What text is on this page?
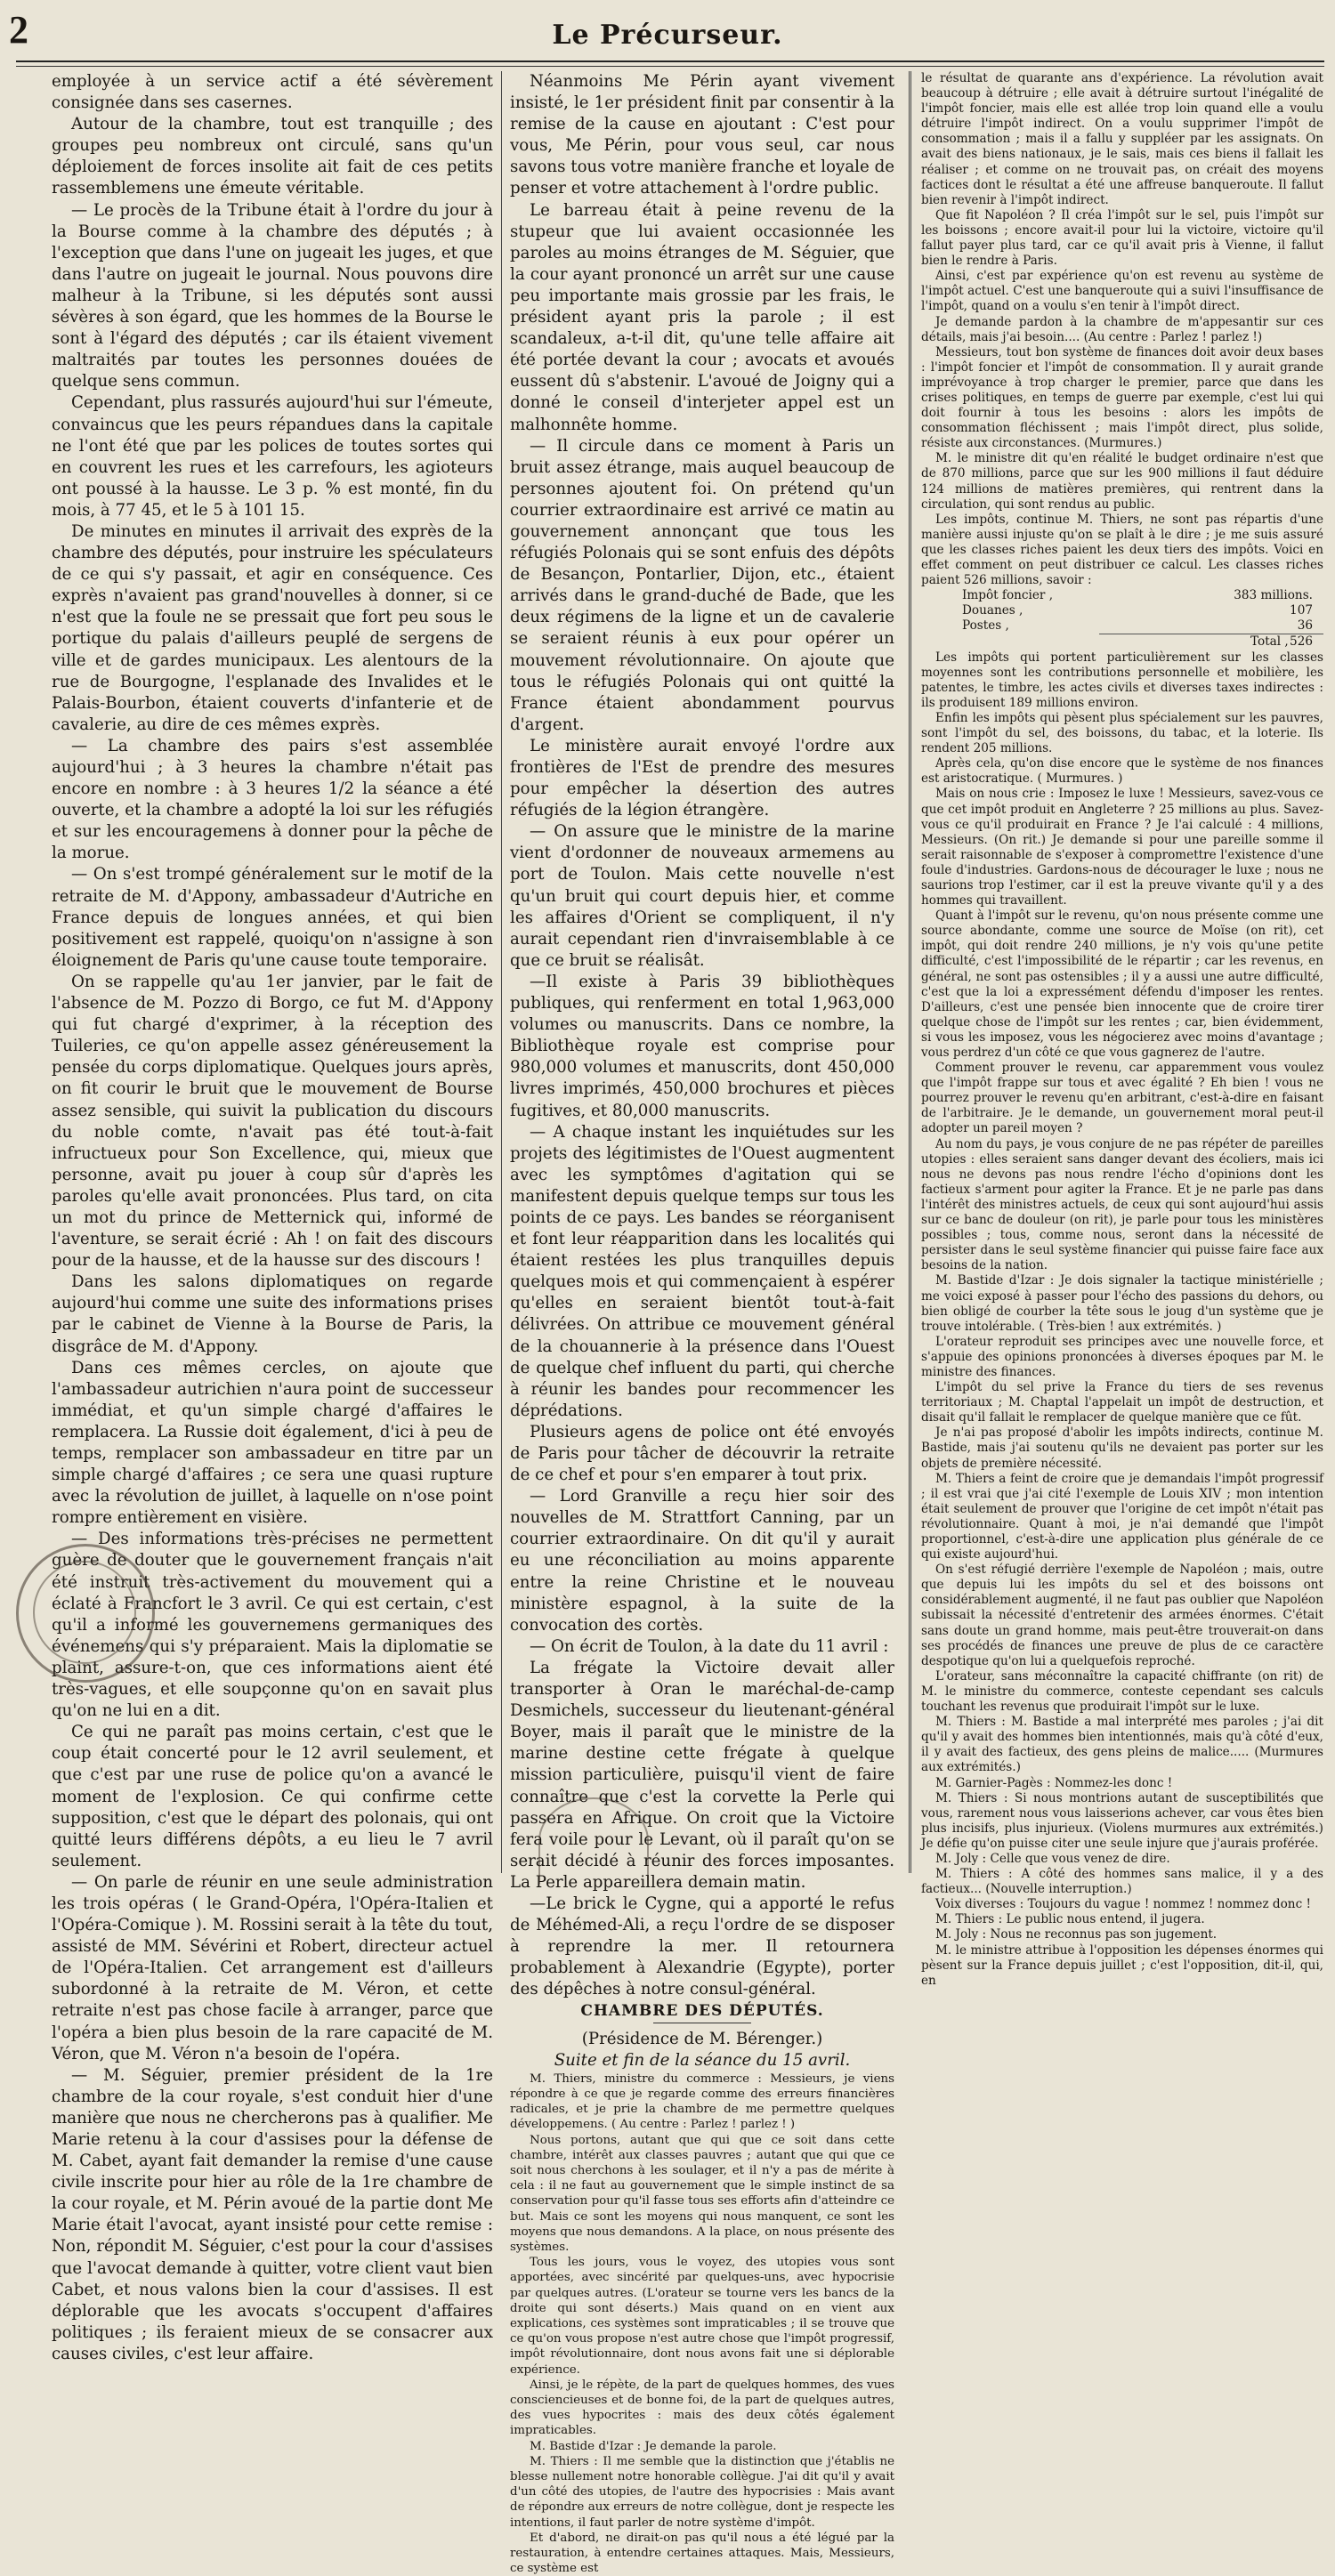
2	Le Précurseur.

employée à un service actif a été sévèrement consignée dans ses casernes.

Autour de la chambre, tout est tranquille ; des groupes peu nombreux ont circulé, sans qu'un déploiement de forces insolite ait fait de ces petits rassemblemens une émeute véritable.

— Le procès de la Tribune était à l'ordre du jour à la Bourse comme à la chambre des députés ; à l'exception que dans l'une on jugeait les juges, et que dans l'autre on jugeait le journal. Nous pouvons dire malheur à la Tribune, si les députés sont aussi sévères à son égard, que les hommes de la Bourse le sont à l'égard des députés ; car ils étaient vivement maltraités par toutes les personnes douées de quelque sens commun.

Cependant, plus rassurés aujourd'hui sur l'émeute, convaincus que les peurs répandues dans la capitale ne l'ont été que par les polices de toutes sortes qui en couvrent les rues et les carrefours, les agioteurs ont poussé à la hausse. Le 3 p. % est monté, fin du mois, à 77 45, et le 5 à 101 15.

De minutes en minutes il arrivait des exprès de la chambre des députés, pour instruire les spéculateurs de ce qui s'y passait, et agir en conséquence. Ces exprès n'avaient pas grand'nouvelles à donner, si ce n'est que la foule ne se pressait que fort peu sous le portique du palais d'ailleurs peuplé de sergens de ville et de gardes municipaux. Les alentours de la rue de Bourgogne, l'esplanade des Invalides et le Palais-Bourbon, étaient couverts d'infanterie et de cavalerie, au dire de ces mêmes exprès.

— La chambre des pairs s'est assemblée aujourd'hui ; à 3 heures la chambre n'était pas encore en nombre : à 3 heures 1/2 la séance a été ouverte, et la chambre a adopté la loi sur les réfugiés et sur les encouragemens à donner pour la pêche de la morue.

— On s'est trompé généralement sur le motif de la retraite de M. d'Appony, ambassadeur d'Autriche en France depuis de longues années, et qui bien positivement est rappelé, quoiqu'on n'assigne à son éloignement de Paris qu'une cause toute temporaire.

On se rappelle qu'au 1er janvier, par le fait de l'absence de M. Pozzo di Borgo, ce fut M. d'Appony qui fut chargé d'exprimer, à la réception des Tuileries, ce qu'on appelle assez généreusement la pensée du corps diplomatique. Quelques jours après, on fit courir le bruit que le mouvement de Bourse assez sensible, qui suivit la publication du discours du noble comte, n'avait pas été tout-à-fait infructueux pour Son Excellence, qui, mieux que personne, avait pu jouer à coup sûr d'après les paroles qu'elle avait prononcées. Plus tard, on cita un mot du prince de Metternick qui, informé de l'aventure, se serait écrié : Ah ! on fait des discours pour de la hausse, et de la hausse sur des discours !

Dans les salons diplomatiques on regarde aujourd'hui comme une suite des informations prises par le cabinet de Vienne à la Bourse de Paris, la disgrâce de M. d'Appony.

Dans ces mêmes cercles, on ajoute que l'ambassadeur autrichien n'aura point de successeur immédiat, et qu'un simple chargé d'affaires le remplacera. La Russie doit également, d'ici à peu de temps, remplacer son ambassadeur en titre par un simple chargé d'affaires ; ce sera une quasi rupture avec la révolution de juillet, à laquelle on n'ose point rompre entièrement en visière.

— Des informations très-précises ne permettent guère de douter que le gouvernement français n'ait été instruit très-activement du mouvement qui a éclaté à Francfort le 3 avril. Ce qui est certain, c'est qu'il a informé les gouvernemens germaniques des événemens qui s'y préparaient. Mais la diplomatie se plaint, assure-t-on, que ces informations aient été très-vagues, et elle soupçonne qu'on en savait plus qu'on ne lui en a dit.

Ce qui ne paraît pas moins certain, c'est que le coup était concerté pour le 12 avril seulement, et que c'est par une ruse de police qu'on a avancé le moment de l'explosion. Ce qui confirme cette supposition, c'est que le départ des polonais, qui ont quitté leurs différens dépôts, a eu lieu le 7 avril seulement.

— On parle de réunir en une seule administration les trois opéras ( le Grand-Opéra, l'Opéra-Italien et l'Opéra-Comique ). M. Rossini serait à la tête du tout, assisté de MM. Sévérini et Robert, directeur actuel de l'Opéra-Italien. Cet arrangement est d'ailleurs subordonné à la retraite de M. Véron, et cette retraite n'est pas chose facile à arranger, parce que l'opéra a bien plus besoin de la rare capacité de M. Véron, que M. Véron n'a besoin de l'opéra.

— M. Séguier, premier président de la 1re chambre de la cour royale, s'est conduit hier d'une manière que nous ne chercherons pas à qualifier. Me Marie retenu à la cour d'assises pour la défense de M. Cabet, ayant fait demander la remise d'une cause civile inscrite pour hier au rôle de la 1re chambre de la cour royale, et M. Périn avoué de la partie dont Me Marie était l'avocat, ayant insisté pour cette remise : Non, répondit M. Séguier, c'est pour la cour d'assises que l'avocat demande à quitter, votre client vaut bien Cabet, et nous valons bien la cour d'assises. Il est déplorable que les avocats s'occupent d'affaires politiques ; ils feraient mieux de se consacrer aux causes civiles, c'est leur affaire.

Néanmoins Me Périn ayant vivement insisté, le 1er président finit par consentir à la remise de la cause en ajoutant : C'est pour vous, Me Périn, pour vous seul, car nous savons tous votre manière franche et loyale de penser et votre attachement à l'ordre public.

Le barreau était à peine revenu de la stupeur que lui avaient occasionnée les paroles au moins étranges de M. Séguier, que la cour ayant prononcé un arrêt sur une cause peu importante mais grossie par les frais, le président ayant pris la parole ; il est scandaleux, a-t-il dit, qu'une telle affaire ait été portée devant la cour ; avocats et avoués eussent dû s'abstenir. L'avoué de Joigny qui a donné le conseil d'interjeter appel est un malhonnête homme.

— Il circule dans ce moment à Paris un bruit assez étrange, mais auquel beaucoup de personnes ajoutent foi. On prétend qu'un courrier extraordinaire est arrivé ce matin au gouvernement annonçant que tous les réfugiés Polonais qui se sont enfuis des dépôts de Besançon, Pontarlier, Dijon, etc., étaient arrivés dans le grand-duché de Bade, que les deux régimens de la ligne et un de cavalerie se seraient réunis à eux pour opérer un mouvement révolutionnaire. On ajoute que tous le réfugiés Polonais qui ont quitté la France étaient abondamment pourvus d'argent.

Le ministère aurait envoyé l'ordre aux frontières de l'Est de prendre des mesures pour empêcher la désertion des autres réfugiés de la légion étrangère.

— On assure que le ministre de la marine vient d'ordonner de nouveaux armemens au port de Toulon. Mais cette nouvelle n'est qu'un bruit qui court depuis hier, et comme les affaires d'Orient se compliquent, il n'y aurait cependant rien d'invraisemblable à ce que ce bruit se réalisât.

—Il existe à Paris 39 bibliothèques publiques, qui renferment en total 1,963,000 volumes ou manuscrits. Dans ce nombre, la Bibliothèque royale est comprise pour 980,000 volumes et manuscrits, dont 450,000 livres imprimés, 450,000 brochures et pièces fugitives, et 80,000 manuscrits.

— A chaque instant les inquiétudes sur les projets des légitimistes de l'Ouest augmentent avec les symptômes d'agitation qui se manifestent depuis quelque temps sur tous les points de ce pays. Les bandes se réorganisent et font leur réapparition dans les localités qui étaient restées les plus tranquilles depuis quelques mois et qui commençaient à espérer qu'elles en seraient bientôt tout-à-fait délivrées. On attribue ce mouvement général de la chouannerie à la présence dans l'Ouest de quelque chef influent du parti, qui cherche à réunir les bandes pour recommencer les déprédations.

Plusieurs agens de police ont été envoyés de Paris pour tâcher de découvrir la retraite de ce chef et pour s'en emparer à tout prix.

— Lord Granville a reçu hier soir des nouvelles de M. Strattfort Canning, par un courrier extraordinaire. On dit qu'il y aurait eu une réconciliation au moins apparente entre la reine Christine et le nouveau ministère espagnol, à la suite de la convocation des cortès.

— On écrit de Toulon, à la date du 11 avril :

La frégate la Victoire devait aller transporter à Oran le maréchal-de-camp Desmichels, successeur du lieutenant-général Boyer, mais il paraît que le ministre de la marine destine cette frégate à quelque mission particulière, puisqu'il vient de faire connaître que c'est la corvette la Perle qui passera en Afrique. On croit que la Victoire fera voile pour le Levant, où il paraît qu'on se serait décidé à réunir des forces imposantes. La Perle appareillera demain matin.

—Le brick le Cygne, qui a apporté le refus de Méhémed-Ali, a reçu l'ordre de se disposer à reprendre la mer. Il retournera probablement à Alexandrie (Egypte), porter des dépêches à notre consul-général.

CHAMBRE DES DÉPUTÉS.

(Présidence de M. Bérenger.)

Suite et fin de la séance du 15 avril.

M. Thiers, ministre du commerce : Messieurs, je viens répondre à ce que je regarde comme des erreurs financières radicales, et je prie la chambre de me permettre quelques développemens. ( Au centre : Parlez ! parlez ! )

Nous portons, autant que qui que ce soit dans cette chambre, intérêt aux classes pauvres ; autant que qui que ce soit nous cherchons à les soulager, et il n'y a pas de mérite à cela : il ne faut au gouvernement que le simple instinct de sa conservation pour qu'il fasse tous ses efforts afin d'atteindre ce but. Mais ce sont les moyens qui nous manquent, ce sont les moyens que nous demandons. A la place, on nous présente des systèmes.

Tous les jours, vous le voyez, des utopies vous sont apportées, avec sincérité par quelques-uns, avec hypocrisie par quelques autres. (L'orateur se tourne vers les bancs de la droite qui sont déserts.) Mais quand on en vient aux explications, ces systèmes sont impraticables ; il se trouve que ce qu'on vous propose n'est autre chose que l'impôt progressif, impôt révolutionnaire, dont nous avons fait une si déplorable expérience.

Ainsi, je le répète, de la part de quelques hommes, des vues consciencieuses et de bonne foi, de la part de quelques autres, des vues hypocrites : mais des deux côtés également impraticables.

M. Bastide d'Izar : Je demande la parole.

M. Thiers : Il me semble que la distinction que j'établis ne blesse nullement notre honorable collègue. J'ai dit qu'il y avait d'un côté des utopies, de l'autre des hypocrisies : Mais avant de répondre aux erreurs de notre collègue, dont je respecte les intentions, il faut parler de notre système d'impôt.

Et d'abord, ne dirait-on pas qu'il nous a été légué par la restauration, à entendre certaines attaques. Mais, Messieurs, ce système est

le résultat de quarante ans d'expérience. La révolution avait beaucoup à détruire ; elle avait à détruire surtout l'inégalité de l'impôt foncier, mais elle est allée trop loin quand elle a voulu détruire l'impôt indirect. On a voulu supprimer l'impôt de consommation ; mais il a fallu y suppléer par les assignats. On avait des biens nationaux, je le sais, mais ces biens il fallait les réaliser ; et comme on ne trouvait pas, on créait des moyens factices dont le résultat a été une affreuse banqueroute. Il fallut bien revenir à l'impôt indirect.

Que fit Napoléon ? Il créa l'impôt sur le sel, puis l'impôt sur les boissons ; encore avait-il pour lui la victoire, victoire qu'il fallut payer plus tard, car ce qu'il avait pris à Vienne, il fallut bien le rendre à Paris.

Ainsi, c'est par expérience qu'on est revenu au système de l'impôt actuel. C'est une banqueroute qui a suivi l'insuffisance de l'impôt, quand on a voulu s'en tenir à l'impôt direct.

Je demande pardon à la chambre de m'appesantir sur ces détails, mais j'ai besoin.... (Au centre : Parlez ! parlez !)

Messieurs, tout bon système de finances doit avoir deux bases : l'impôt foncier et l'impôt de consommation. Il y aurait grande imprévoyance à trop charger le premier, parce que dans les crises politiques, en temps de guerre par exemple, c'est lui qui doit fournir à tous les besoins : alors les impôts de consommation fléchissent ; mais l'impôt direct, plus solide, résiste aux circonstances. (Murmures.)

M. le ministre dit qu'en réalité le budget ordinaire n'est que de 870 millions, parce que sur les 900 millions il faut déduire 124 millions de matières premières, qui rentrent dans la circulation, qui sont rendus au public.

Les impôts, continue M. Thiers, ne sont pas répartis d'une manière aussi injuste qu'on se plaît à le dire ; je me suis assuré que les classes riches paient les deux tiers des impôts. Voici en effet comment on peut distribuer ce calcul. Les classes riches paient 526 millions, savoir :

Impôt foncier ,	383 millions.
Douanes ,	107
Postes ,	36
Total , 526

Les impôts qui portent particulièrement sur les classes moyennes sont les contributions personnelle et mobilière, les patentes, le timbre, les actes civils et diverses taxes indirectes : ils produisent 189 millions environ.

Enfin les impôts qui pèsent plus spécialement sur les pauvres, sont l'impôt du sel, des boissons, du tabac, et la loterie. Ils rendent 205 millions.

Après cela, qu'on dise encore que le système de nos finances est aristocratique. ( Murmures. )

Mais on nous crie : Imposez le luxe ! Messieurs, savez-vous ce que cet impôt produit en Angleterre ? 25 millions au plus. Savez-vous ce qu'il produirait en France ? Je l'ai calculé : 4 millions, Messieurs. (On rit.) Je demande si pour une pareille somme il serait raisonnable de s'exposer à compromettre l'existence d'une foule d'industries. Gardons-nous de décourager le luxe ; nous ne saurions trop l'estimer, car il est la preuve vivante qu'il y a des hommes qui travaillent.

Quant à l'impôt sur le revenu, qu'on nous présente comme une source abondante, comme une source de Moïse (on rit), cet impôt, qui doit rendre 240 millions, je n'y vois qu'une petite difficulté, c'est l'impossibilité de le répartir ; car les revenus, en général, ne sont pas ostensibles ; il y a aussi une autre difficulté, c'est que la loi a expressément défendu d'imposer les rentes. D'ailleurs, c'est une pensée bien innocente que de croire tirer quelque chose de l'impôt sur les rentes ; car, bien évidemment, si vous les imposez, vous les négocierez avec moins d'avantage ; vous perdrez d'un côté ce que vous gagnerez de l'autre.

Comment prouver le revenu, car apparemment vous voulez que l'impôt frappe sur tous et avec égalité ? Eh bien ! vous ne pourrez prouver le revenu qu'en arbitrant, c'est-à-dire en faisant de l'arbitraire. Je le demande, un gouvernement moral peut-il adopter un pareil moyen ?

Au nom du pays, je vous conjure de ne pas répéter de pareilles utopies : elles seraient sans danger devant des écoliers, mais ici nous ne devons pas nous rendre l'écho d'opinions dont les factieux s'arment pour agiter la France. Et je ne parle pas dans l'intérêt des ministres actuels, de ceux qui sont aujourd'hui assis sur ce banc de douleur (on rit), je parle pour tous les ministères possibles ; tous, comme nous, seront dans la nécessité de persister dans le seul système financier qui puisse faire face aux besoins de la nation.

M. Bastide d'Izar : Je dois signaler la tactique ministérielle ; me voici exposé à passer pour l'écho des passions du dehors, ou bien obligé de courber la tête sous le joug d'un système que je trouve intolérable. ( Très-bien ! aux extrémités. )

L'orateur reproduit ses principes avec une nouvelle force, et s'appuie des opinions prononcées à diverses époques par M. le ministre des finances.

L'impôt du sel prive la France du tiers de ses revenus territoriaux ; M. Chaptal l'appelait un impôt de destruction, et disait qu'il fallait le remplacer de quelque manière que ce fût.

Je n'ai pas proposé d'abolir les impôts indirects, continue M. Bastide, mais j'ai soutenu qu'ils ne devaient pas porter sur les objets de première nécessité.

M. Thiers a feint de croire que je demandais l'impôt progressif ; il est vrai que j'ai cité l'exemple de Louis XIV ; mon intention était seulement de prouver que l'origine de cet impôt n'était pas révolutionnaire. Quant à moi, je n'ai demandé que l'impôt proportionnel, c'est-à-dire une application plus générale de ce qui existe aujourd'hui.

On s'est réfugié derrière l'exemple de Napoléon ; mais, outre que depuis lui les impôts du sel et des boissons ont considérablement augmenté, il ne faut pas oublier que Napoléon subissait la nécessité d'entretenir des armées énormes. C'était sans doute un grand homme, mais peut-être trouverait-on dans ses procédés de finances une preuve de plus de ce caractère despotique qu'on lui a quelquefois reproché.

L'orateur, sans méconnaître la capacité chiffrante (on rit) de M. le ministre du commerce, conteste cependant ses calculs touchant les revenus que produirait l'impôt sur le luxe.

M. Thiers : M. Bastide a mal interprété mes paroles ; j'ai dit qu'il y avait des hommes bien intentionnés, mais qu'à côté d'eux, il y avait des factieux, des gens pleins de malice..... (Murmures aux extrémités.)

M. Garnier-Pagès : Nommez-les donc !

M. Thiers : Si nous montrions autant de susceptibilités que vous, rarement nous vous laisserions achever, car vous êtes bien plus incisifs, plus injurieux. (Violens murmures aux extrémités.) Je défie qu'on puisse citer une seule injure que j'aurais proférée.

M. Joly : Celle que vous venez de dire.

M. Thiers : A côté des hommes sans malice, il y a des factieux... (Nouvelle interruption.)

Voix diverses : Toujours du vague ! nommez ! nommez donc !

M. Thiers : Le public nous entend, il jugera.

M. Joly : Nous ne reconnus pas son jugement.

M. le ministre attribue à l'opposition les dépenses énormes qui pèsent sur la France depuis juillet ; c'est l'opposition, dit-il, qui, en
